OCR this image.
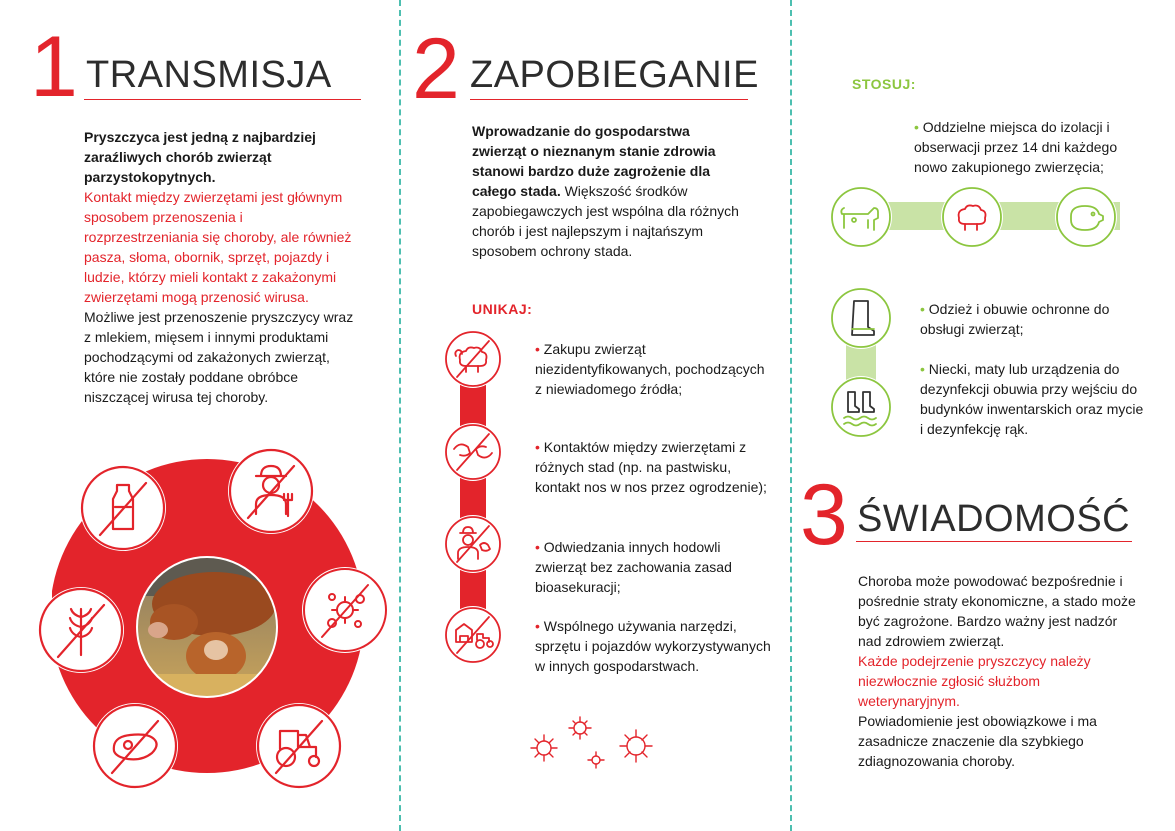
1 TRANSMISJA

Pryszczyca jest jedną z najbardziej zaraźliwych chorób zwierząt parzystokopytnych.

Kontakt między zwierzętami jest głównym sposobem przenoszenia i rozprzestrzeniania się choroby, ale również pasza, słoma, obornik, sprzęt, pojazdy i ludzie, którzy mieli kontakt z zakażonymi zwierzętami mogą przenosić wirusa.

Możliwe jest przenoszenie pryszczycy wraz z mlekiem, mięsem i innymi produktami pochodzącymi od zakażonych zwierząt, które nie zostały poddane obróbce niszczącej wirusa tej choroby.

2 ZAPOBIEGANIE
Wprowadzanie do gospodarstwa zwierząt o nieznanym stanie zdrowia stanowi bardzo duże zagrożenie dla całego stada. Większość środków zapobiegawczych jest wspólna dla różnych chorób i jest najlepszym i najtańszym sposobem ochrony stada.
UNIKAJ:
• Zakupu zwierząt niezidentyfikowanych, pochodzących z niewiadomego źródła;
• Kontaktów między zwierzętami z różnych stad (np. na pastwisku, kontakt nos w nos przez ogrodzenie);
• Odwiedzania innych hodowli zwierząt bez zachowania zasad bioasekuracji;
• Wspólnego używania narzędzi, sprzętu i pojazdów wykorzystywanych w innych gospodarstwach.
STOSUJ:
• Oddzielne miejsca do izolacji i obserwacji przez 14 dni każdego nowo zakupionego zwierzęcia;
• Odzież i obuwie ochronne do obsługi zwierząt;
• Niecki, maty lub urządzenia do dezynfekcji obuwia przy wejściu do budynków inwentarskich oraz mycie i dezynfekcję rąk.
3 ŚWIADOMOŚĆ

Choroba może powodować bezpośrednie i pośrednie straty ekonomiczne, a stado może być zagrożone. Bardzo ważny jest nadzór nad zdrowiem zwierząt.

Każde podejrzenie pryszczycy należy niezwłocznie zgłosić służbom weterynaryjnym.

Powiadomienie jest obowiązkowe i ma zasadnicze znaczenie dla szybkiego zdiagnozowania choroby.
